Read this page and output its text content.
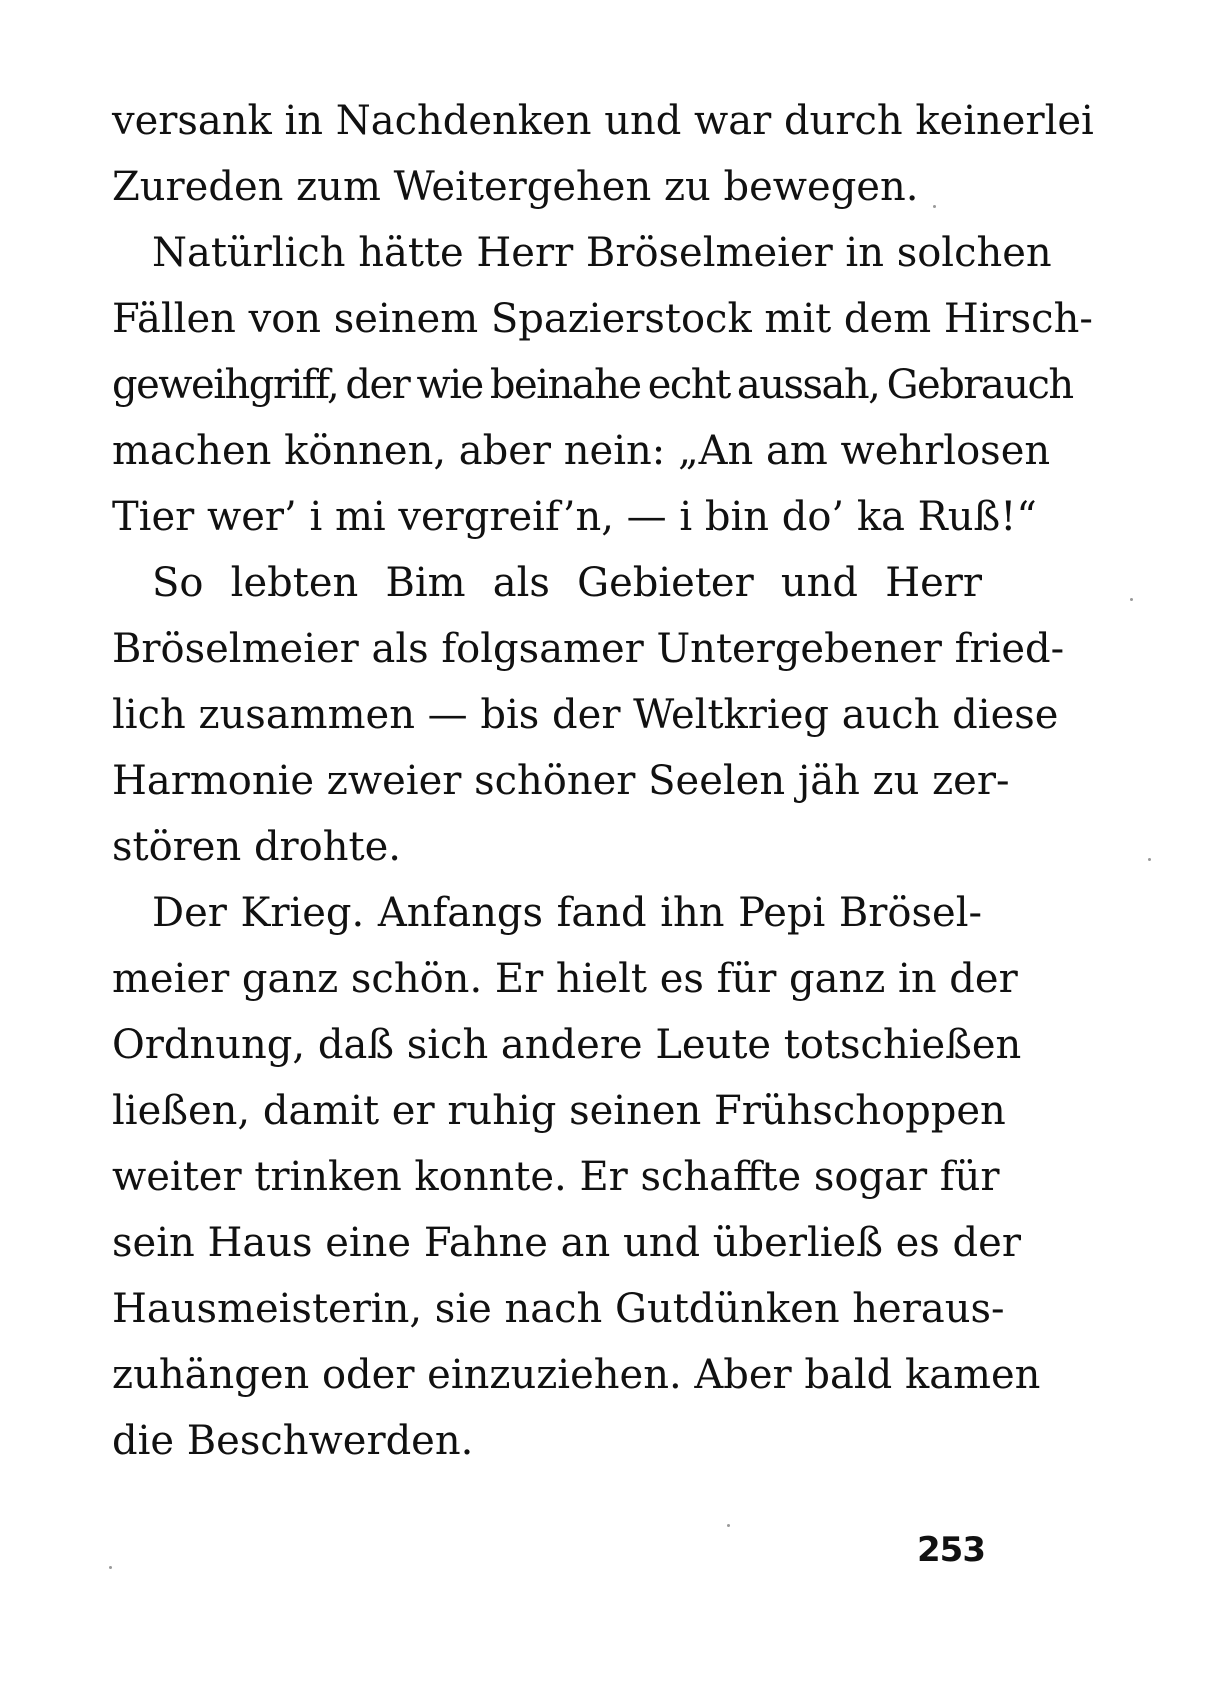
versank in Nachdenken und war durch keinerlei
Zureden zum Weitergehen zu bewegen.
Natürlich hätte Herr Bröselmeier in solchen
Fällen von seinem Spazierstock mit dem Hirsch-
geweihgriff, der wie beinahe echt aussah, Gebrauch
machen können, aber nein: „An am wehrlosen
Tier wer’ i mi vergreif’n, — i bin do’ ka Ruß!“
So lebten Bim als Gebieter und Herr
Bröselmeier als folgsamer Untergebener fried-
lich zusammen — bis der Weltkrieg auch diese
Harmonie zweier schöner Seelen jäh zu zer-
stören drohte.
Der Krieg. Anfangs fand ihn Pepi Brösel-
meier ganz schön. Er hielt es für ganz in der
Ordnung, daß sich andere Leute totschießen
ließen, damit er ruhig seinen Frühschoppen
weiter trinken konnte. Er schaffte sogar für
sein Haus eine Fahne an und überließ es der
Hausmeisterin, sie nach Gutdünken heraus-
zuhängen oder einzuziehen. Aber bald kamen
die Beschwerden.
253
